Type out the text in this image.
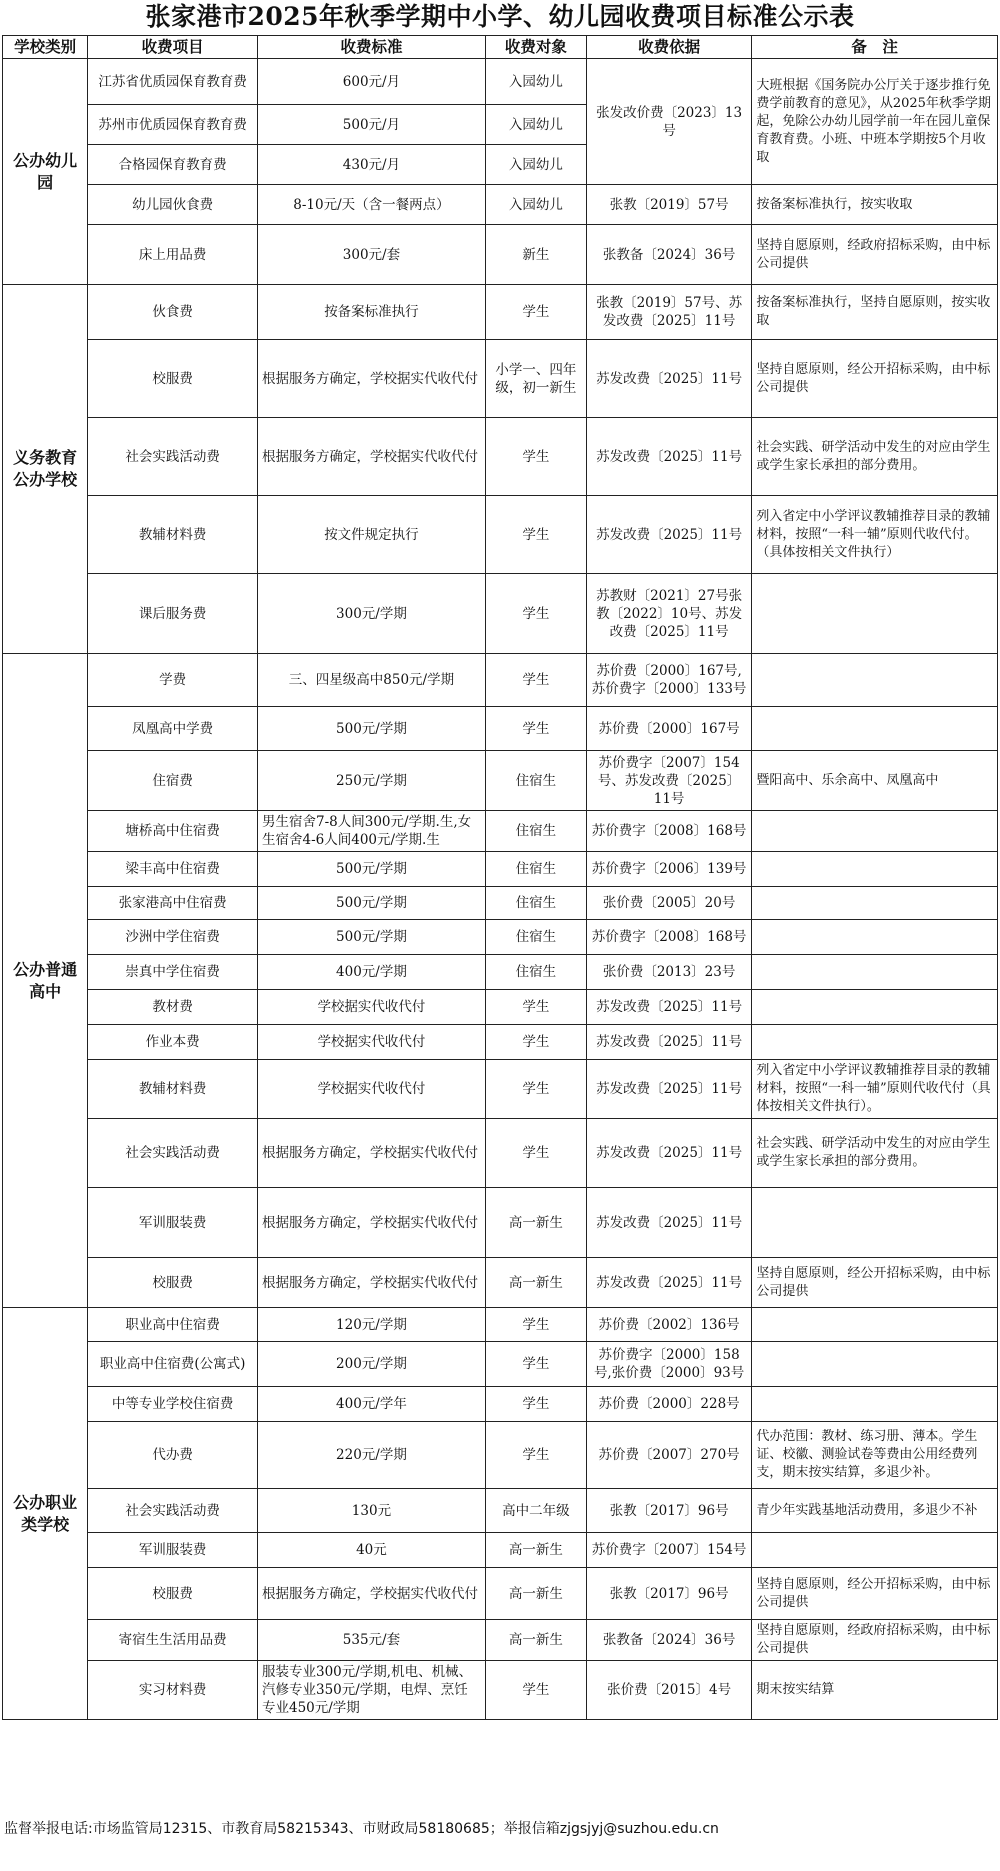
张家港市2025年秋季学期中小学、幼儿园收费项目标准公示表
学校类别	收费项目	收费标准	收费对象	收费依据	备　注
公办幼儿园	江苏省优质园保育教育费	600元/月	入园幼儿	张发改价费〔2023〕13号	大班根据《国务院办公厅关于逐步推行免费学前教育的意见》，从2025年秋季学期起，免除公办幼儿园学前一年在园儿童保育教育费。小班、中班本学期按5个月收取
	苏州市优质园保育教育费	500元/月	入园幼儿		
	合格园保育教育费	430元/月	入园幼儿		
	幼儿园伙食费	8-10元/天（含一餐两点）	入园幼儿	张教〔2019〕57号	按备案标准执行，按实收取
	床上用品费	300元/套	新生	张教备〔2024〕36号	坚持自愿原则，经政府招标采购，由中标公司提供
义务教育公办学校	伙食费	按备案标准执行	学生	张教〔2019〕57号、苏发改费〔2025〕11号	按备案标准执行，坚持自愿原则，按实收取
	校服费	根据服务方确定，学校据实代收代付	小学一、四年级，初一新生	苏发改费〔2025〕11号	坚持自愿原则，经公开招标采购，由中标公司提供
	社会实践活动费	根据服务方确定，学校据实代收代付	学生	苏发改费〔2025〕11号	社会实践、研学活动中发生的对应由学生或学生家长承担的部分费用。
	教辅材料费	按文件规定执行	学生	苏发改费〔2025〕11号	列入省定中小学评议教辅推荐目录的教辅材料，按照“一科一辅”原则代收代付。（具体按相关文件执行）
	课后服务费	300元/学期	学生	苏教财〔2021〕27号张教〔2022〕10号、苏发改费〔2025〕11号	
公办普通高中	学费	三、四星级高中850元/学期	学生	苏价费〔2000〕167号,苏价费字〔2000〕133号	
	凤凰高中学费	500元/学期	学生	苏价费〔2000〕167号	
	住宿费	250元/学期	住宿生	苏价费字〔2007〕154号、苏发改费〔2025〕11号	暨阳高中、乐余高中、凤凰高中
	塘桥高中住宿费	男生宿舍7-8人间300元/学期.生,女生宿舍4-6人间400元/学期.生	住宿生	苏价费字〔2008〕168号	
	梁丰高中住宿费	500元/学期	住宿生	苏价费字〔2006〕139号	
	张家港高中住宿费	500元/学期	住宿生	张价费〔2005〕20号	
	沙洲中学住宿费	500元/学期	住宿生	苏价费字〔2008〕168号	
	崇真中学住宿费	400元/学期	住宿生	张价费〔2013〕23号	
	教材费	学校据实代收代付	学生	苏发改费〔2025〕11号	
	作业本费	学校据实代收代付	学生	苏发改费〔2025〕11号	
	教辅材料费	学校据实代收代付	学生	苏发改费〔2025〕11号	列入省定中小学评议教辅推荐目录的教辅材料，按照“一科一辅”原则代收代付（具体按相关文件执行）。
	社会实践活动费	根据服务方确定，学校据实代收代付	学生	苏发改费〔2025〕11号	社会实践、研学活动中发生的对应由学生或学生家长承担的部分费用。
	军训服装费	根据服务方确定，学校据实代收代付	高一新生	苏发改费〔2025〕11号	
	校服费	根据服务方确定，学校据实代收代付	高一新生	苏发改费〔2025〕11号	坚持自愿原则，经公开招标采购，由中标公司提供
公办职业类学校	职业高中住宿费	120元/学期	学生	苏价费〔2002〕136号	
	职业高中住宿费(公寓式)	200元/学期	学生	苏价费字〔2000〕158号,张价费〔2000〕93号	
	中等专业学校住宿费	400元/学年	学生	苏价费〔2000〕228号	
	代办费	220元/学期	学生	苏价费〔2007〕270号	代办范围：教材、练习册、薄本。学生证、校徽、测验试卷等费由公用经费列支，期末按实结算，多退少补。
	社会实践活动费	130元	高中二年级	张教〔2017〕96号	青少年实践基地活动费用，多退少不补
	军训服装费	40元	高一新生	苏价费字〔2007〕154号	
	校服费	根据服务方确定，学校据实代收代付	高一新生	张教〔2017〕96号	坚持自愿原则，经公开招标采购，由中标公司提供
	寄宿生生活用品费	535元/套	高一新生	张教备〔2024〕36号	坚持自愿原则，经政府招标采购，由中标公司提供
	实习材料费	服装专业300元/学期,机电、机械、汽修专业350元/学期，电焊、烹饪专业450元/学期	学生	张价费〔2015〕4号	期末按实结算
监督举报电话:市场监管局12315、市教育局58215343、市财政局58180685；举报信箱zjgsjyj@suzhou.edu.cn
